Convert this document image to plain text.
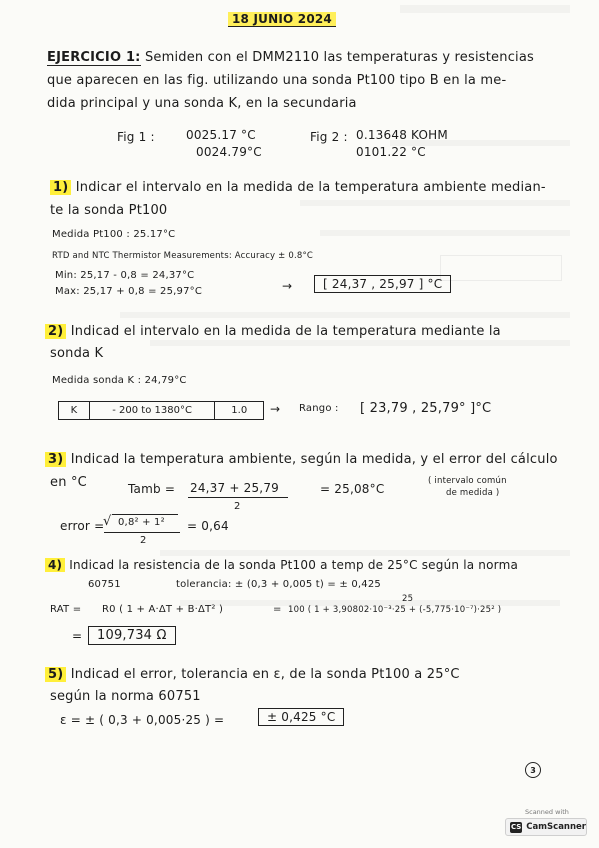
18 JUNIO 2024
EJERCICIO 1: Semiden con el DMM2110 las temperaturas y resistencias
que aparecen en las fig. utilizando una sonda Pt100 tipo B en la me-
dida principal y una sonda K, en la secundaria
Fig 1 :	0025.17 °C
0024.79°C
Fig 2 : 0.13648 KOHM
0101.22 °C
1) Indicar el intervalo en la medida de la temperatura ambiente median-
te la sonda Pt100
Medida Pt100 : 25.17°C
RTD and NTC Thermistor Measurements: Accuracy ± 0.8°C
Min: 25,17 - 0,8 = 24,37°C
Max: 25,17 + 0,8 = 25,97°C	→	[ 24,37 , 25,97 ] °C
2) Indicad el intervalo en la medida de la temperatura mediante la
sonda K
Medida sonda K : 24,79°C
K	- 200 to 1380°C	1.0	→ Rango : [ 23,79 , 25,79° ]°C
3) Indicad la temperatura ambiente, según la medida, y el error del cálculo
en °C	Tamb = 24,37 + 25,79
2
= 25,08°C
( intervalo común
de medida )
error =
√ 0,8² + 1²
2
= 0,64
4) Indicad la resistencia de la sonda Pt100 a temp de 25°C según la norma
60751	tolerancia: ± (0,3 + 0,005 t) = ± 0,425
25
RAT = R0 ( 1 + A·ΔT + B·ΔT² )	= 100 ( 1 + 3,90802·10⁻³·25 + (-5,775·10⁻⁷)·25² )
=	109,734 Ω
5) Indicad el error, tolerancia en ε, de la sonda Pt100 a 25°C
según la norma 60751
ε = ± ( 0,3 + 0,005·25 ) =	± 0,425 °C
3
Scanned with
CS CamScanner
